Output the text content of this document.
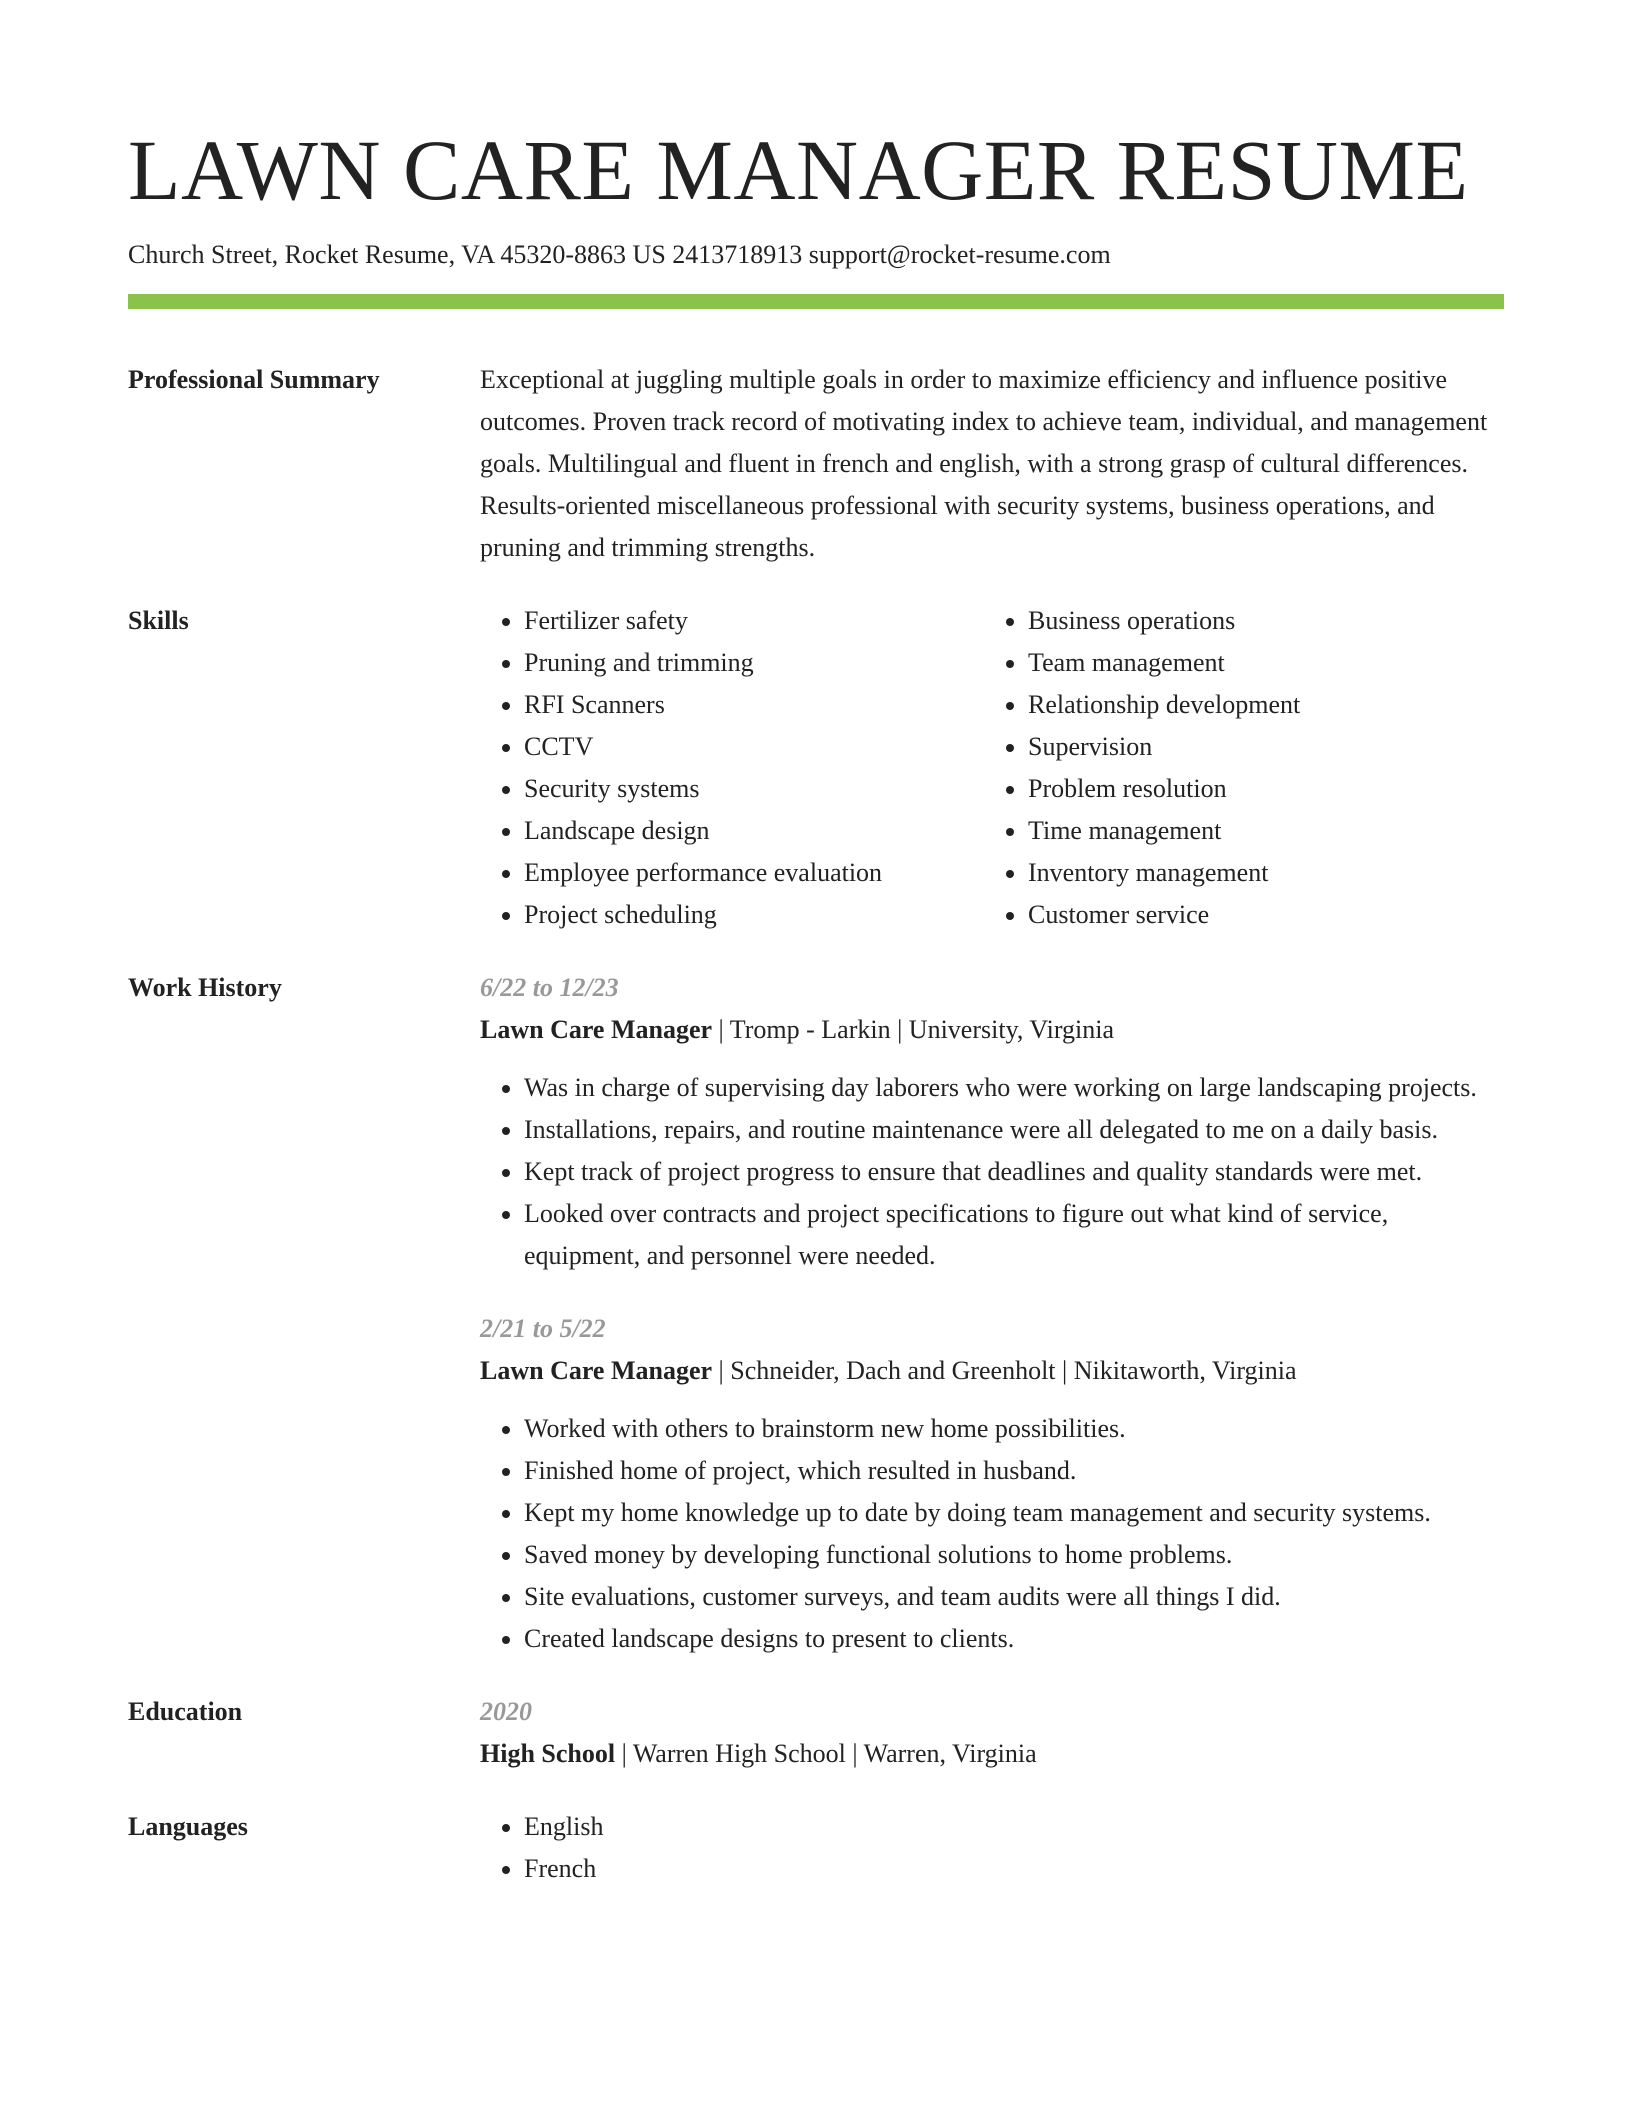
LAWN CARE MANAGER RESUME
Church Street, Rocket Resume, VA 45320-8863 US 2413718913 support@rocket-resume.com
Professional Summary	Exceptional at juggling multiple goals in order to maximize efficiency and influence positive outcomes. Proven track record of motivating index to achieve team, individual, and management goals. Multilingual and fluent in french and english, with a strong grasp of cultural differences. Results-oriented miscellaneous professional with security systems, business operations, and pruning and trimming strengths.

Skills	• Fertilizer safety
• Pruning and trimming
• RFI Scanners
• CCTV
• Security systems
• Landscape design
• Employee performance evaluation
• Project scheduling
• Business operations
• Team management
• Relationship development
• Supervision
• Problem resolution
• Time management
• Inventory management
• Customer service
Work History	6/22 to 12/23
Lawn Care Manager | Tromp - Larkin | University, Virginia
• Was in charge of supervising day laborers who were working on large landscaping projects.
• Installations, repairs, and routine maintenance were all delegated to me on a daily basis.
• Kept track of project progress to ensure that deadlines and quality standards were met.
• Looked over contracts and project specifications to figure out what kind of service, equipment, and personnel were needed.
2/21 to 5/22
Lawn Care Manager | Schneider, Dach and Greenholt | Nikitaworth, Virginia
• Worked with others to brainstorm new home possibilities.
• Finished home of project, which resulted in husband.
• Kept my home knowledge up to date by doing team management and security systems.
• Saved money by developing functional solutions to home problems.
• Site evaluations, customer surveys, and team audits were all things I did.
• Created landscape designs to present to clients.
Education	2020
High School | Warren High School | Warren, Virginia
Languages	• English
• French
